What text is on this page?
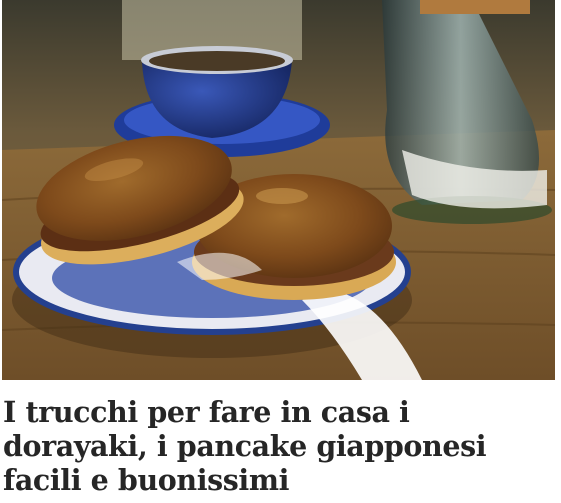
I trucchi per fare in casa i dorayaki, i pancake giapponesi facili e buonissimi
